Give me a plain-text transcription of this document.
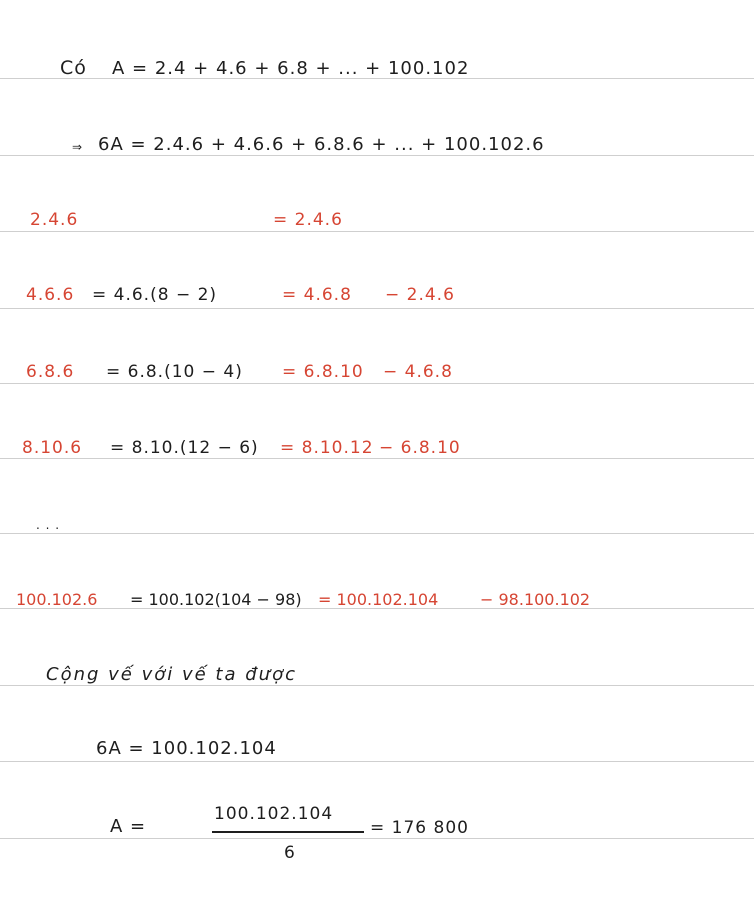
Có A = 2.4 + 4.6 + 6.8 + ... + 100.102
⇒ 6A = 2.4.6 + 4.6.6 + 6.8.6 + ... + 100.102.6
2.4.6	= 2.4.6
4.6.6 = 4.6.(8 − 2)	= 4.6.8 − 2.4.6
6.8.6 = 6.8.(10 − 4) = 6.8.10 − 4.6.8
8.10.6 = 8.10.(12 − 6) = 8.10.12 − 6.8.10
. . .
100.102.6 = 100.102(104 − 98) = 100.102.104	− 98.100.102
Cộng vế với vế ta được
6A = 100.102.104
A =
100.102.104
6
= 176 800
